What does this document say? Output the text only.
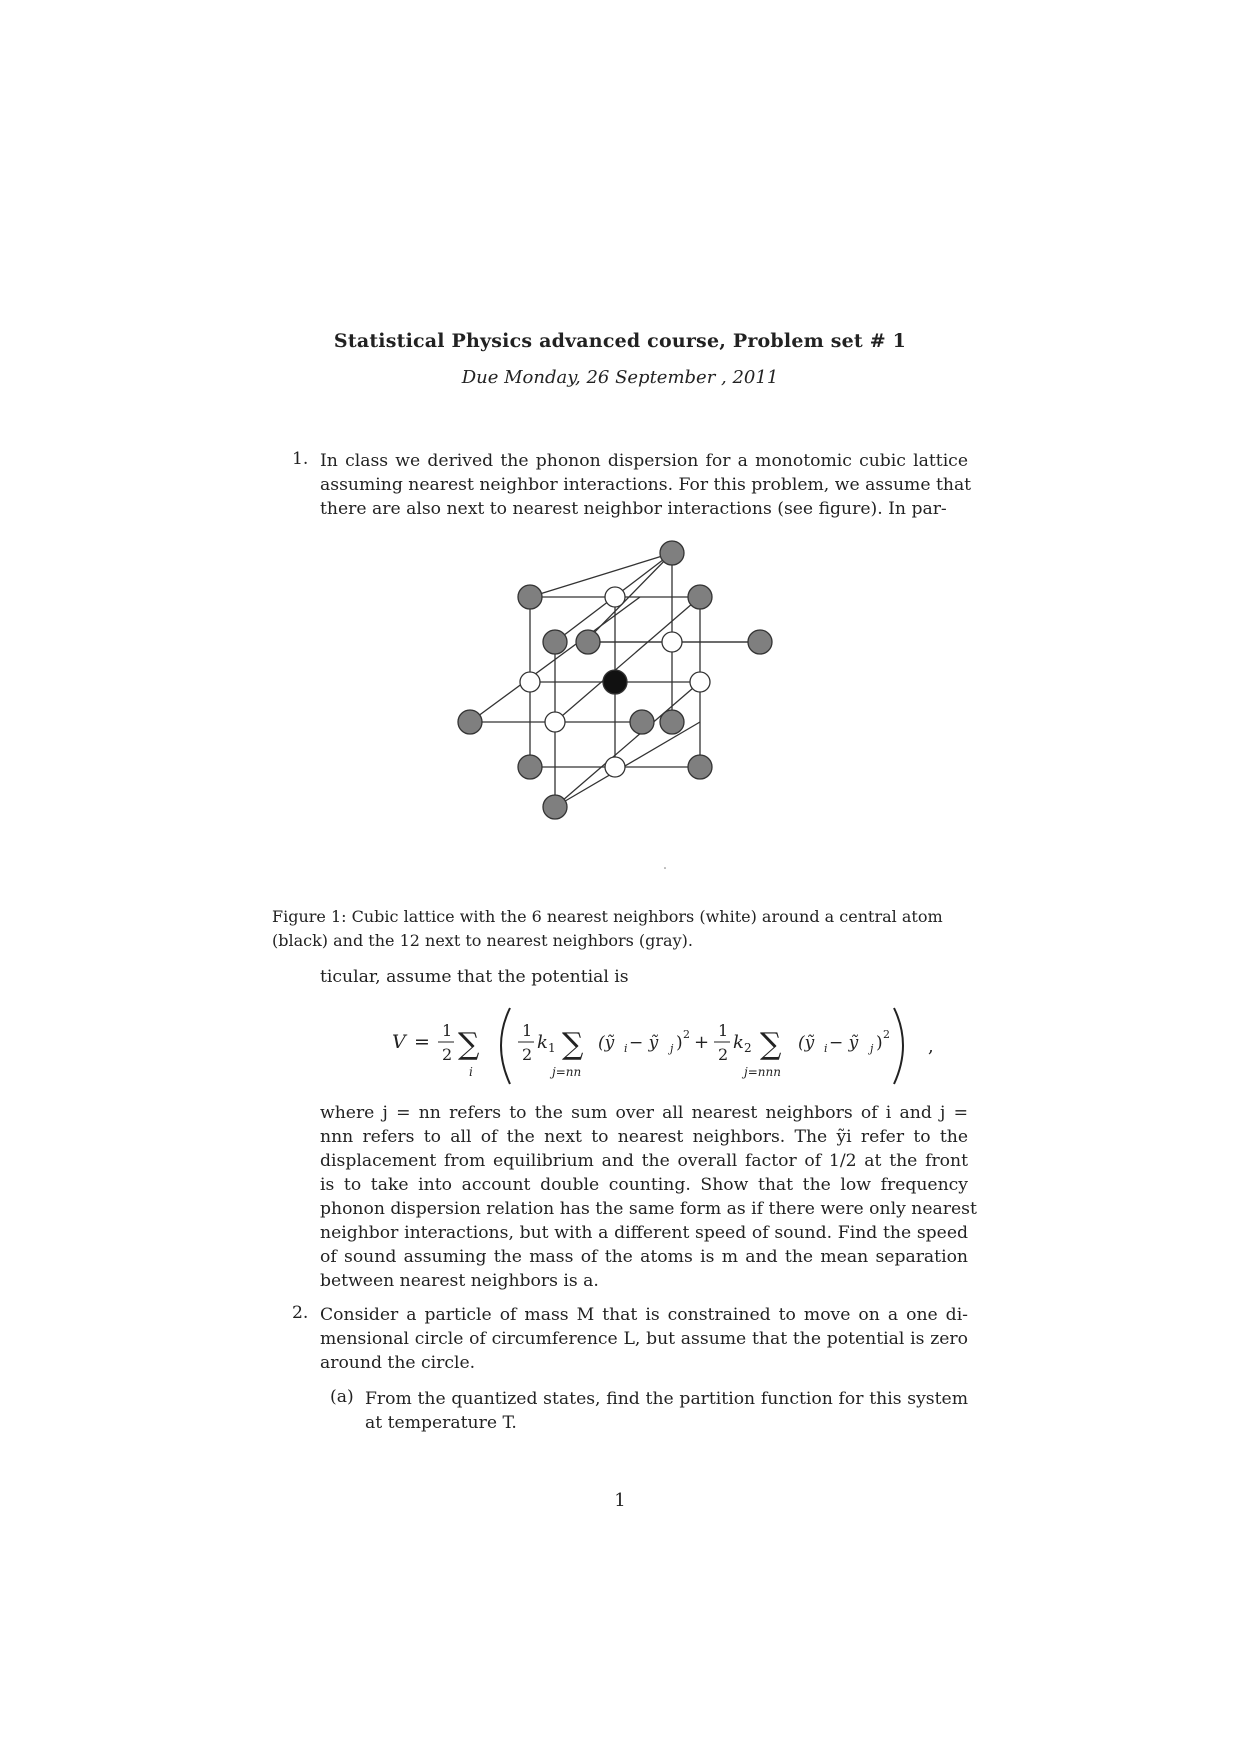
Statistical Physics advanced course, Problem set # 1
Due Monday, 26 September , 2011
1. In class we derived the phonon dispersion for a monotomic cubic lattice
assuming nearest neighbor interactions. For this problem, we assume that
there are also next to nearest neighbor interactions (see figure). In par-
Figure 1: Cubic lattice with the 6 nearest neighbors (white) around a central atom
(black) and the 12 next to nearest neighbors (gray).
ticular, assume that the potential is
V =
1
2 ∑
i
1
2
k 1 ∑
j=nn
(ỹ i − ỹ j ) 2 +
1
2
k 2 ∑
j=nnn
(ỹ i − ỹ j ) 2
,
where j = nn refers to the sum over all nearest neighbors of i and j =
nnn refers to all of the next to nearest neighbors. The ỹi refer to the
displacement from equilibrium and the overall factor of 1/2 at the front
is to take into account double counting. Show that the low frequency
phonon dispersion relation has the same form as if there were only nearest
neighbor interactions, but with a different speed of sound. Find the speed
of sound assuming the mass of the atoms is m and the mean separation
between nearest neighbors is a.
2. Consider a particle of mass M that is constrained to move on a one di-
mensional circle of circumference L, but assume that the potential is zero
around the circle.
(a) From the quantized states, find the partition function for this system
at temperature T.
1
